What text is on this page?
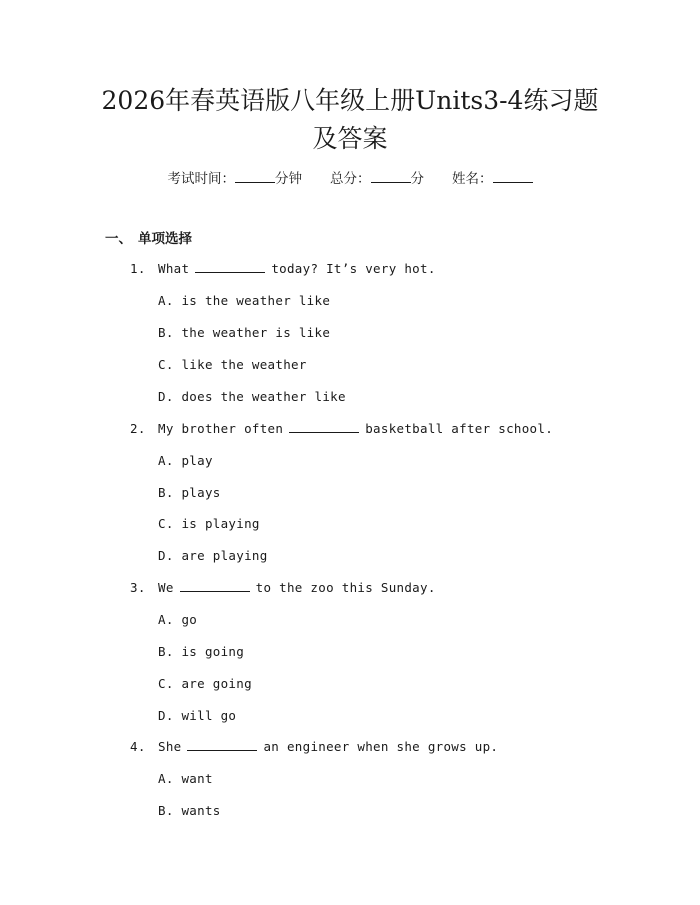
2026年春英语版八年级上册Units3-4练习题及答案
考试时间：	分钟 总分：	分 姓名：
一、 单项选择
1. What	today? It’s very hot.
A. is the weather like
B. the weather is like
C. like the weather
D. does the weather like
2. My brother often	basketball after school.
A. play
B. plays
C. is playing
D. are playing
3. We	to the zoo this Sunday.
A. go
B. is going
C. are going
D. will go
4. She	an engineer when she grows up.
A. want
B. wants
